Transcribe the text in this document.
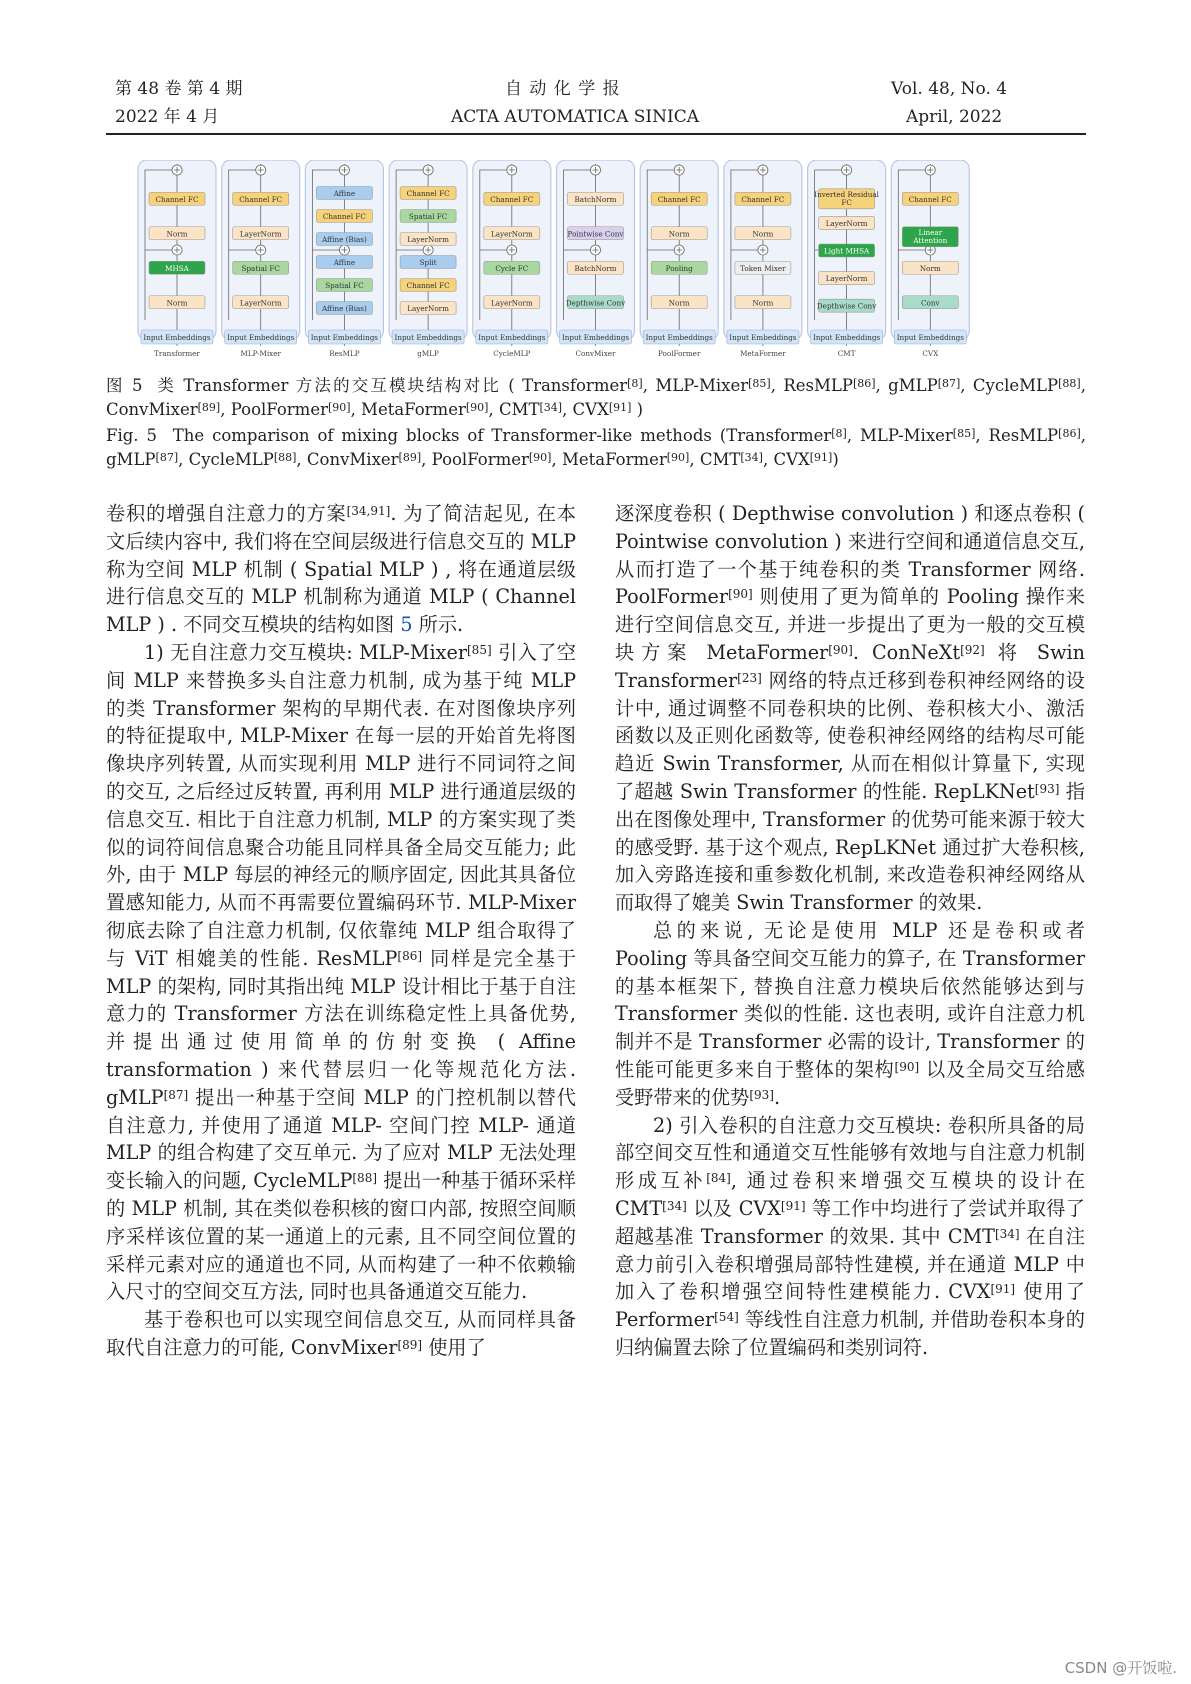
第 48 卷 第 4 期	自 动 化 学 报	Vol. 48, No. 4
2022 年 4 月	ACTA AUTOMATICA SINICA	April, 2022
Channel FC
Norm
MHSA
Norm
Input Embeddings
Transformer
Channel FC
LayerNorm
Spatial FC
LayerNorm
Input Embeddings
MLP-Mixer
Affine
Channel FC
Affine (Bias)
Affine
Spatial FC
Affine (Bias)
Input Embeddings
ResMLP
Channel FC
Spatial FC
LayerNorm
Split
Channel FC
LayerNorm
Input Embeddings
gMLP
Channel FC
LayerNorm
Cycle FC
LayerNorm
Input Embeddings
CycleMLP
BatchNorm
Pointwise Conv
BatchNorm
Depthwise Conv
Input Embeddings
ConvMixer
Channel FC
Norm
Pooling
Norm
Input Embeddings
PoolFormer
Channel FC
Norm
Token Mixer
Norm
Input Embeddings
MetaFormer
Inverted Residual FC
LayerNorm
Light MHSA
LayerNorm
Depthwise Conv
Input Embeddings
CMT
Channel FC
Linear Attention
Norm
Conv
Input Embeddings
CVX
图 5 类 Transformer 方法的交互模块结构对比 ( Transformer[8], MLP-Mixer[85], ResMLP[86], gMLP[87], CycleMLP[88], ConvMixer[89], PoolFormer[90], MetaFormer[90], CMT[34], CVX[91] )
Fig. 5 The comparison of mixing blocks of Transformer-like methods (Transformer[8], MLP-Mixer[85], ResMLP[86], gMLP[87], CycleMLP[88], ConvMixer[89], PoolFormer[90], MetaFormer[90], CMT[34], CVX[91])

卷积的增强自注意力的方案[34,91]. 为了简洁起见, 在本文后续内容中, 我们将在空间层级进行信息交互的 MLP 称为空间 MLP 机制 ( Spatial MLP ) , 将在通道层级进行信息交互的 MLP 机制称为通道 MLP ( Channel MLP ) . 不同交互模块的结构如图 5 所示.

1) 无自注意力交互模块: MLP-Mixer[85] 引入了空间 MLP 来替换多头自注意力机制, 成为基于纯 MLP 的类 Transformer 架构的早期代表. 在对图像块序列的特征提取中, MLP-Mixer 在每一层的开始首先将图像块序列转置, 从而实现利用 MLP 进行不同词符之间的交互, 之后经过反转置, 再利用 MLP 进行通道层级的信息交互. 相比于自注意力机制, MLP 的方案实现了类似的词符间信息聚合功能且同样具备全局交互能力; 此外, 由于 MLP 每层的神经元的顺序固定, 因此其具备位置感知能力, 从而不再需要位置编码环节. MLP-Mixer 彻底去除了自注意力机制, 仅依靠纯 MLP 组合取得了与 ViT 相媲美的性能. ResMLP[86] 同样是完全基于 MLP 的架构, 同时其指出纯 MLP 设计相比于基于自注意力的 Transformer 方法在训练稳定性上具备优势, 并提出通过使用简单的仿射变换 ( Affine transformation ) 来代替层归一化等规范化方法. gMLP[87] 提出一种基于空间 MLP 的门控机制以替代自注意力, 并使用了通道 MLP- 空间门控 MLP- 通道 MLP 的组合构建了交互单元. 为了应对 MLP 无法处理变长输入的问题, CycleMLP[88] 提出一种基于循环采样的 MLP 机制, 其在类似卷积核的窗口内部, 按照空间顺序采样该位置的某一通道上的元素, 且不同空间位置的采样元素对应的通道也不同, 从而构建了一种不依赖输入尺寸的空间交互方法, 同时也具备通道交互能力.

基于卷积也可以实现空间信息交互, 从而同样具备取代自注意力的可能, ConvMixer[89] 使用了

逐深度卷积 ( Depthwise convolution ) 和逐点卷积 ( Pointwise convolution ) 来进行空间和通道信息交互, 从而打造了一个基于纯卷积的类 Transformer 网络. PoolFormer[90] 则使用了更为简单的 Pooling 操作来进行空间信息交互, 并进一步提出了更为一般的交互模块方案 MetaFormer[90]. ConNeXt[92] 将 Swin Transformer[23] 网络的特点迁移到卷积神经网络的设计中, 通过调整不同卷积块的比例、卷积核大小、激活函数以及正则化函数等, 使卷积神经网络的结构尽可能趋近 Swin Transformer, 从而在相似计算量下, 实现了超越 Swin Transformer 的性能. RepLKNet[93] 指出在图像处理中, Transformer 的优势可能来源于较大的感受野. 基于这个观点, RepLKNet 通过扩大卷积核, 加入旁路连接和重参数化机制, 来改造卷积神经网络从而取得了媲美 Swin Transformer 的效果.

总的来说, 无论是使用 MLP 还是卷积或者 Pooling 等具备空间交互能力的算子, 在 Transformer 的基本框架下, 替换自注意力模块后依然能够达到与 Transformer 类似的性能. 这也表明, 或许自注意力机制并不是 Transformer 必需的设计, Transformer 的性能可能更多来自于整体的架构[90] 以及全局交互给感受野带来的优势[93].

2) 引入卷积的自注意力交互模块: 卷积所具备的局部空间交互性和通道交互性能够有效地与自注意力机制形成互补[84], 通过卷积来增强交互模块的设计在 CMT[34] 以及 CVX[91] 等工作中均进行了尝试并取得了超越基准 Transformer 的效果. 其中 CMT[34] 在自注意力前引入卷积增强局部特性建模, 并在通道 MLP 中加入了卷积增强空间特性建模能力. CVX[91] 使用了 Performer[54] 等线性自注意力机制, 并借助卷积本身的归纳偏置去除了位置编码和类别词符.

CSDN @开饭啦.
